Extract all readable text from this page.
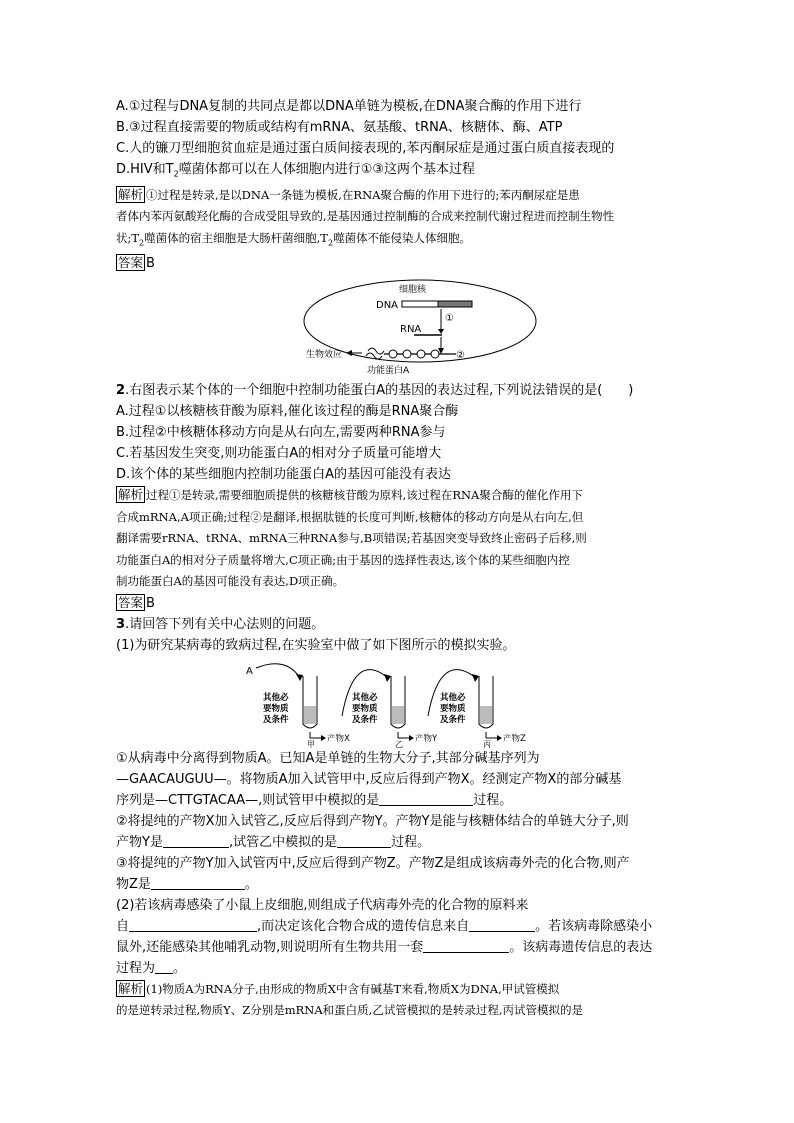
A.①过程与DNA复制的共同点是都以DNA单链为模板,在DNA聚合酶的作用下进行
B.③过程直接需要的物质或结构有mRNA、氨基酸、tRNA、核糖体、酶、ATP
C.人的镰刀型细胞贫血症是通过蛋白质间接表现的,苯丙酮尿症是通过蛋白质直接表现的
D.HIV和$T_2$噬菌体都可以在人体细胞内进行①③这两个基本过程
解析 ①过程是转录,是以DNA一条链为模板,在RNA聚合酶的作用下进行的;苯丙酮尿症是患
者体内苯丙氨酸羟化酶的合成受阻导致的,是基因通过控制酶的合成来控制代谢过程进而控制生物性
状$;T_2$噬菌体的宿主细胞是大肠杆菌细胞$,T_2$噬菌体不能侵染人体细胞。
答案 B
细胞核
DNA
①
RNA
②
生物效应
功能蛋白A
2.右图表示某个体的一个细胞中控制功能蛋白A的基因的表达过程,下列说法错误的是(　　)
A.过程①以核糖核苷酸为原料,催化该过程的酶是RNA聚合酶
B.过程②中核糖体移动方向是从右向左,需要两种RNA参与
C.若基因发生突变,则功能蛋白A的相对分子质量可能增大
D.该个体的某些细胞内控制功能蛋白A的基因可能没有表达
解析 过程①是转录,需要细胞质提供的核糖核苷酸为原料,该过程在RNA聚合酶的催化作用下
合成mRNA,A项正确;过程②是翻译,根据肽链的长度可判断,核糖体的移动方向是从右向左,但
翻译需要rRNA、tRNA、mRNA三种RNA参与,B项错误;若基因突变导致终止密码子后移,则
功能蛋白A的相对分子质量将增大,C项正确;由于基因的选择性表达,该个体的某些细胞内控
制功能蛋白A的基因可能没有表达,D项正确。
答案 B
3.请回答下列有关中心法则的问题。
(1)为研究某病毒的致病过程,在实验室中做了如下图所示的模拟实验。
A
其他必
要物质
及条件
产物X
甲
其他必
要物质
及条件
产物Y
乙
其他必
要物质
及条件
产物Z
丙
①从病毒中分离得到物质A。已知A是单链的生物大分子,其部分碱基序列为
—GAACAUGUU—。将物质A加入试管甲中,反应后得到产物X。经测定产物X的部分碱基
序列是—CTTGTACAA—,则试管甲中模拟的是	过程。
②将提纯的产物X加入试管乙,反应后得到产物Y。产物Y是能与核糖体结合的单链大分子,则
产物Y是	,试管乙中模拟的是	过程。
③将提纯的产物Y加入试管丙中,反应后得到产物Z。产物Z是组成该病毒外壳的化合物,则产
物Z是	。
(2)若该病毒感染了小鼠上皮细胞,则组成子代病毒外壳的化合物的原料来
自	,而决定该化合物合成的遗传信息来自	。若该病毒除感染小
鼠外,还能感染其他哺乳动物,则说明所有生物共用一套	。该病毒遗传信息的表达
过程为 。
解析 (1)物质A为RNA分子,由形成的物质X中含有碱基T来看,物质X为DNA,甲试管模拟
的是逆转录过程,物质Y、Z分别是mRNA和蛋白质,乙试管模拟的是转录过程,丙试管模拟的是
